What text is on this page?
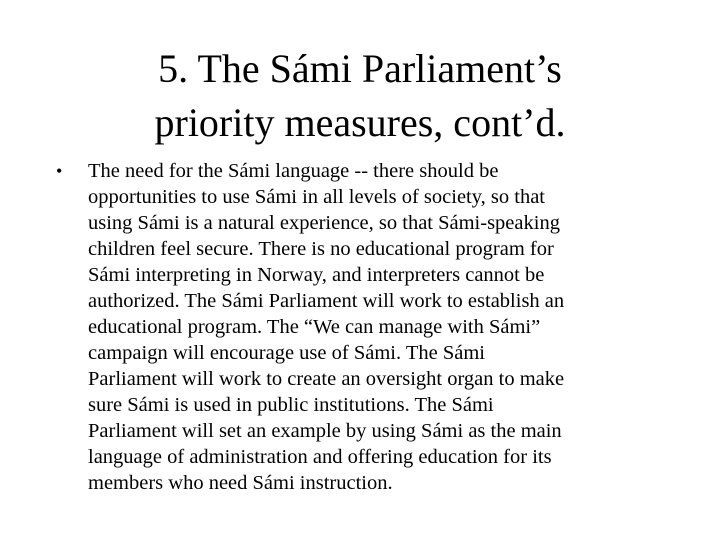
5. The Sámi Parliament’s
priority measures, cont’d.
• The need for the Sámi language -- there should be
opportunities to use Sámi in all levels of society, so that
using Sámi is a natural experience, so that Sámi-speaking
children feel secure. There is no educational program for
Sámi interpreting in Norway, and interpreters cannot be
authorized. The Sámi Parliament will work to establish an
educational program. The “We can manage with Sámi”
campaign will encourage use of Sámi. The Sámi
Parliament will work to create an oversight organ to make
sure Sámi is used in public institutions. The Sámi
Parliament will set an example by using Sámi as the main
language of administration and offering education for its
members who need Sámi instruction.
